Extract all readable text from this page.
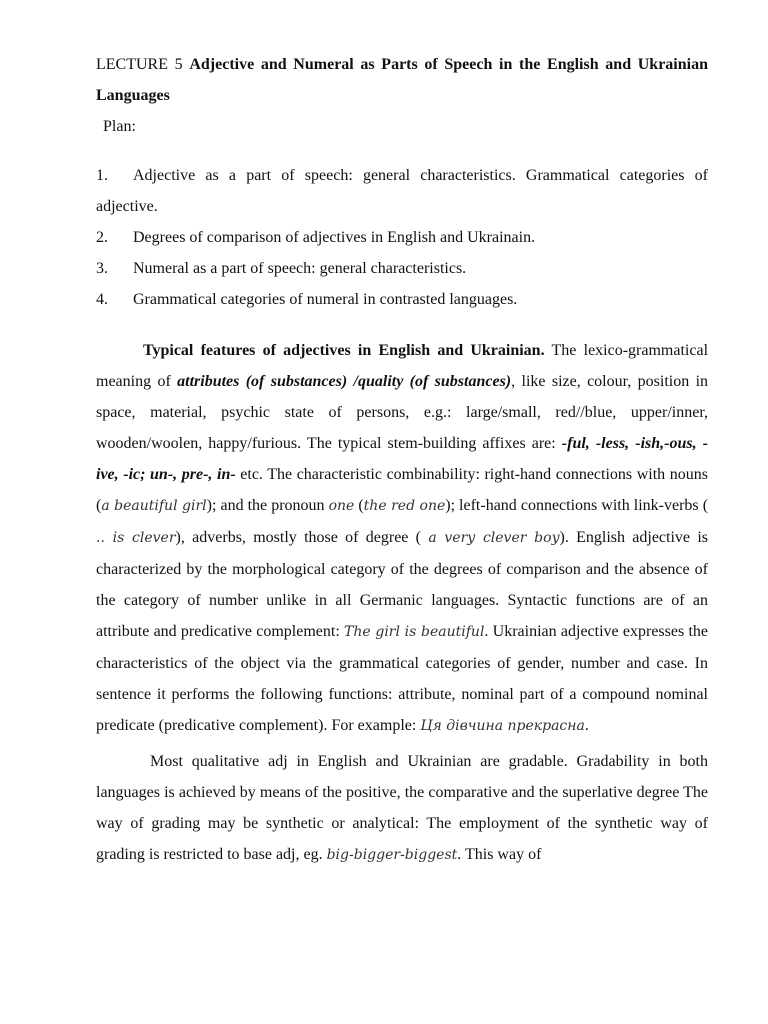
LECTURE 5 Adjective and Numeral as Parts of Speech in the English and Ukrainian Languages

Plan:

1. Adjective as a part of speech: general characteristics. Grammatical categories of adjective.
2. Degrees of comparison of adjectives in English and Ukrainain.
3. Numeral as a part of speech: general characteristics.
4. Grammatical categories of numeral in contrasted languages.

Typical features of adjectives in English and Ukrainian. The lexico-grammatical meaning of attributes (of substances) /quality (of substances), like size, colour, position in space, material, psychic state of persons, e.g.: large/small, red//blue, upper/inner, wooden/woolen, happy/furious. The typical stem-building affixes are: -ful, -less, -ish,-ous, -ive, -ic; un-, pre-, in- etc. The characteristic combinability: right-hand connections with nouns (a beautiful girl); and the pronoun one (the red one); left-hand connections with link-verbs ( .. is clever), adverbs, mostly those of degree ( a very clever boy). English adjective is characterized by the morphological category of the degrees of comparison and the absence of the category of number unlike in all Germanic languages. Syntactic functions are of an attribute and predicative complement: The girl is beautiful. Ukrainian adjective expresses the characteristics of the object via the grammatical categories of gender, number and case. In sentence it performs the following functions: attribute, nominal part of a compound nominal predicate (predicative complement). For example: Ця дівчина прекрасна.

Most qualitative adj in English and Ukrainian are gradable. Gradability in both languages is achieved by means of the positive, the comparative and the superlative degree The way of grading may be synthetic or analytical: The employment of the synthetic way of grading is restricted to base adj, eg. big-bigger-biggest. This way of
